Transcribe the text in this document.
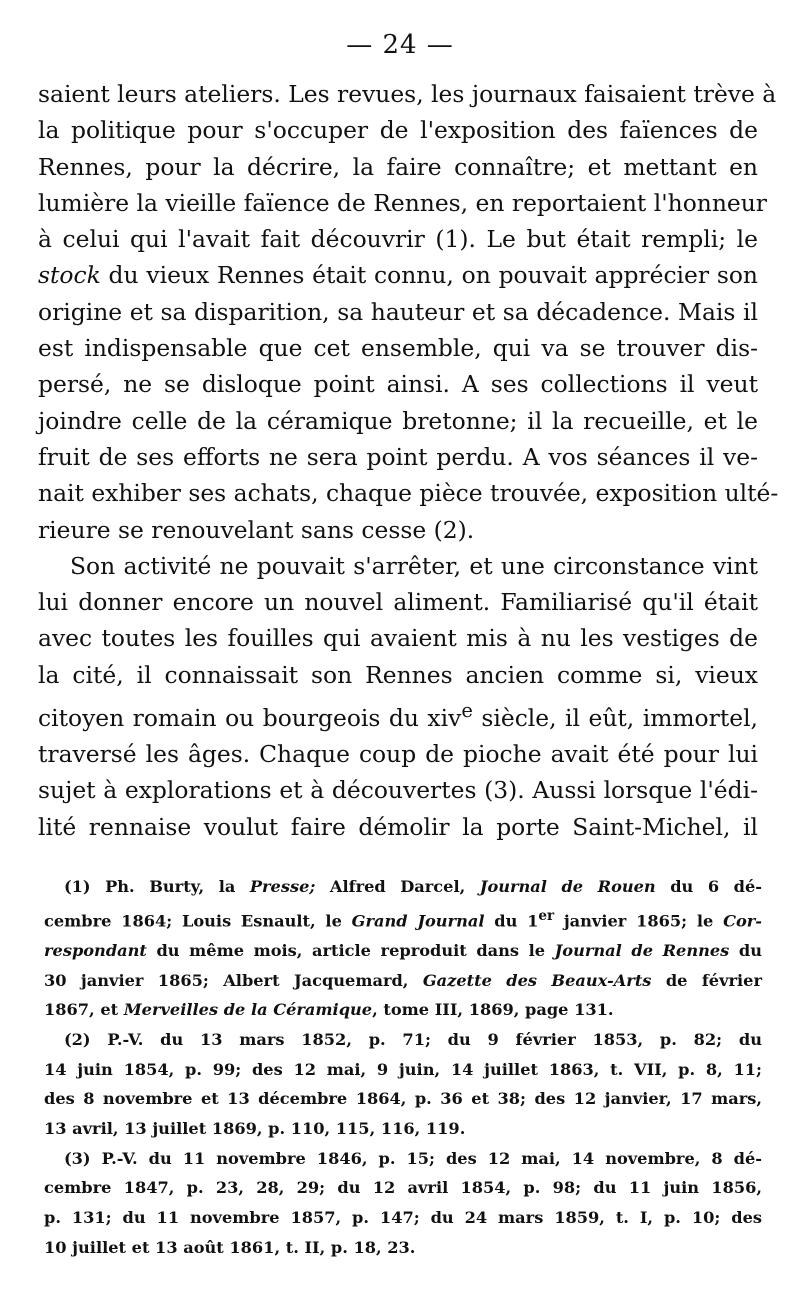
— 24 —
saient leurs ateliers. Les revues, les journaux faisaient trève à
la politique pour s'occuper de l'exposition des faïences de
Rennes, pour la décrire, la faire connaître; et mettant en
lumière la vieille faïence de Rennes, en reportaient l'honneur
à celui qui l'avait fait découvrir (1). Le but était rempli; le
stock du vieux Rennes était connu, on pouvait apprécier son
origine et sa disparition, sa hauteur et sa décadence. Mais il
est indispensable que cet ensemble, qui va se trouver dis-
persé, ne se disloque point ainsi. A ses collections il veut
joindre celle de la céramique bretonne; il la recueille, et le
fruit de ses efforts ne sera point perdu. A vos séances il ve-
nait exhiber ses achats, chaque pièce trouvée, exposition ulté-
rieure se renouvelant sans cesse (2).
Son activité ne pouvait s'arrêter, et une circonstance vint
lui donner encore un nouvel aliment. Familiarisé qu'il était
avec toutes les fouilles qui avaient mis à nu les vestiges de
la cité, il connaissait son Rennes ancien comme si, vieux
citoyen romain ou bourgeois du xiv$^e$ siècle, il eût, immortel,
traversé les âges. Chaque coup de pioche avait été pour lui
sujet à explorations et à découvertes (3). Aussi lorsque l'édi-
lité rennaise voulut faire démolir la porte Saint-Michel, il
(1) Ph. Burty, la Presse; Alfred Darcel, Journal de Rouen du 6 dé-
cembre 1864; Louis Esnault, le Grand Journal du 1er janvier 1865; le Cor-
respondant du même mois, article reproduit dans le Journal de Rennes du
30 janvier 1865; Albert Jacquemard, Gazette des Beaux-Arts de février
1867, et Merveilles de la Céramique, tome III, 1869, page 131.
(2) P.-V. du 13 mars 1852, p. 71; du 9 février 1853, p. 82; du
14 juin 1854, p. 99; des 12 mai, 9 juin, 14 juillet 1863, t. VII, p. 8, 11;
des 8 novembre et 13 décembre 1864, p. 36 et 38; des 12 janvier, 17 mars,
13 avril, 13 juillet 1869, p. 110, 115, 116, 119.
(3) P.-V. du 11 novembre 1846, p. 15; des 12 mai, 14 novembre, 8 dé-
cembre 1847, p. 23, 28, 29; du 12 avril 1854, p. 98; du 11 juin 1856,
p. 131; du 11 novembre 1857, p. 147; du 24 mars 1859, t. I, p. 10; des
10 juillet et 13 août 1861, t. II, p. 18, 23.
